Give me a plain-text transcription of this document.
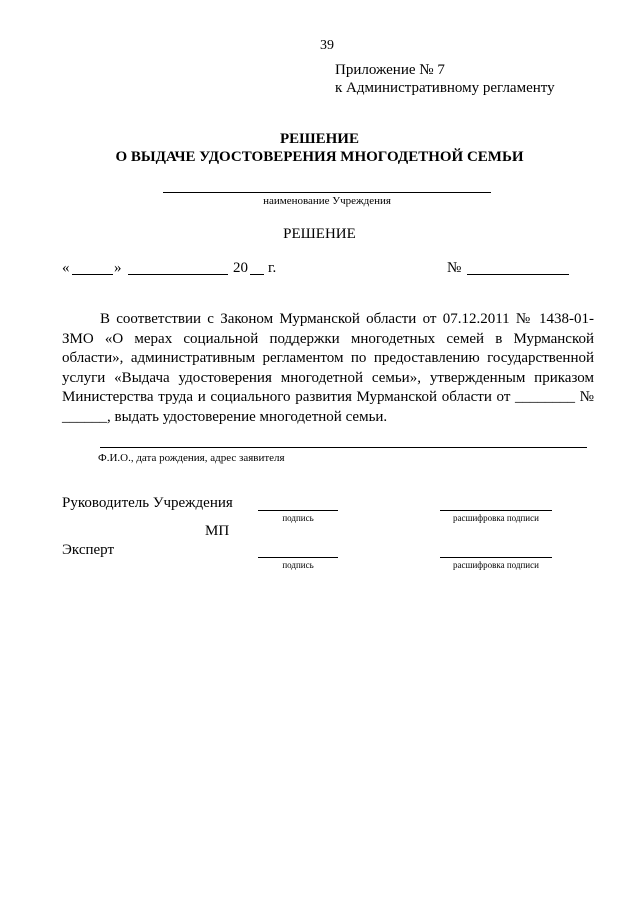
39
Приложение № 7
к Административному регламенту
РЕШЕНИЕ
О ВЫДАЧЕ УДОСТОВЕРЕНИЯ МНОГОДЕТНОЙ СЕМЬИ
наименование Учреждения
РЕШЕНИЕ
«	»	20 г.	№
В соответствии с Законом Мурманской области от 07.12.2011 № 1438-01-ЗМО «О мерах социальной поддержки многодетных семей в Мурманской области», административным регламентом по предоставлению государственной услуги «Выдача удостоверения многодетной семьи», утвержденным приказом Министерства труда и социального развития Мурманской области от ________ № ______, выдать удостоверение многодетной семьи.
Ф.И.О., дата рождения, адрес заявителя
Руководитель Учреждения
подпись	расшифровка подписи
МП
Эксперт
подпись	расшифровка подписи
